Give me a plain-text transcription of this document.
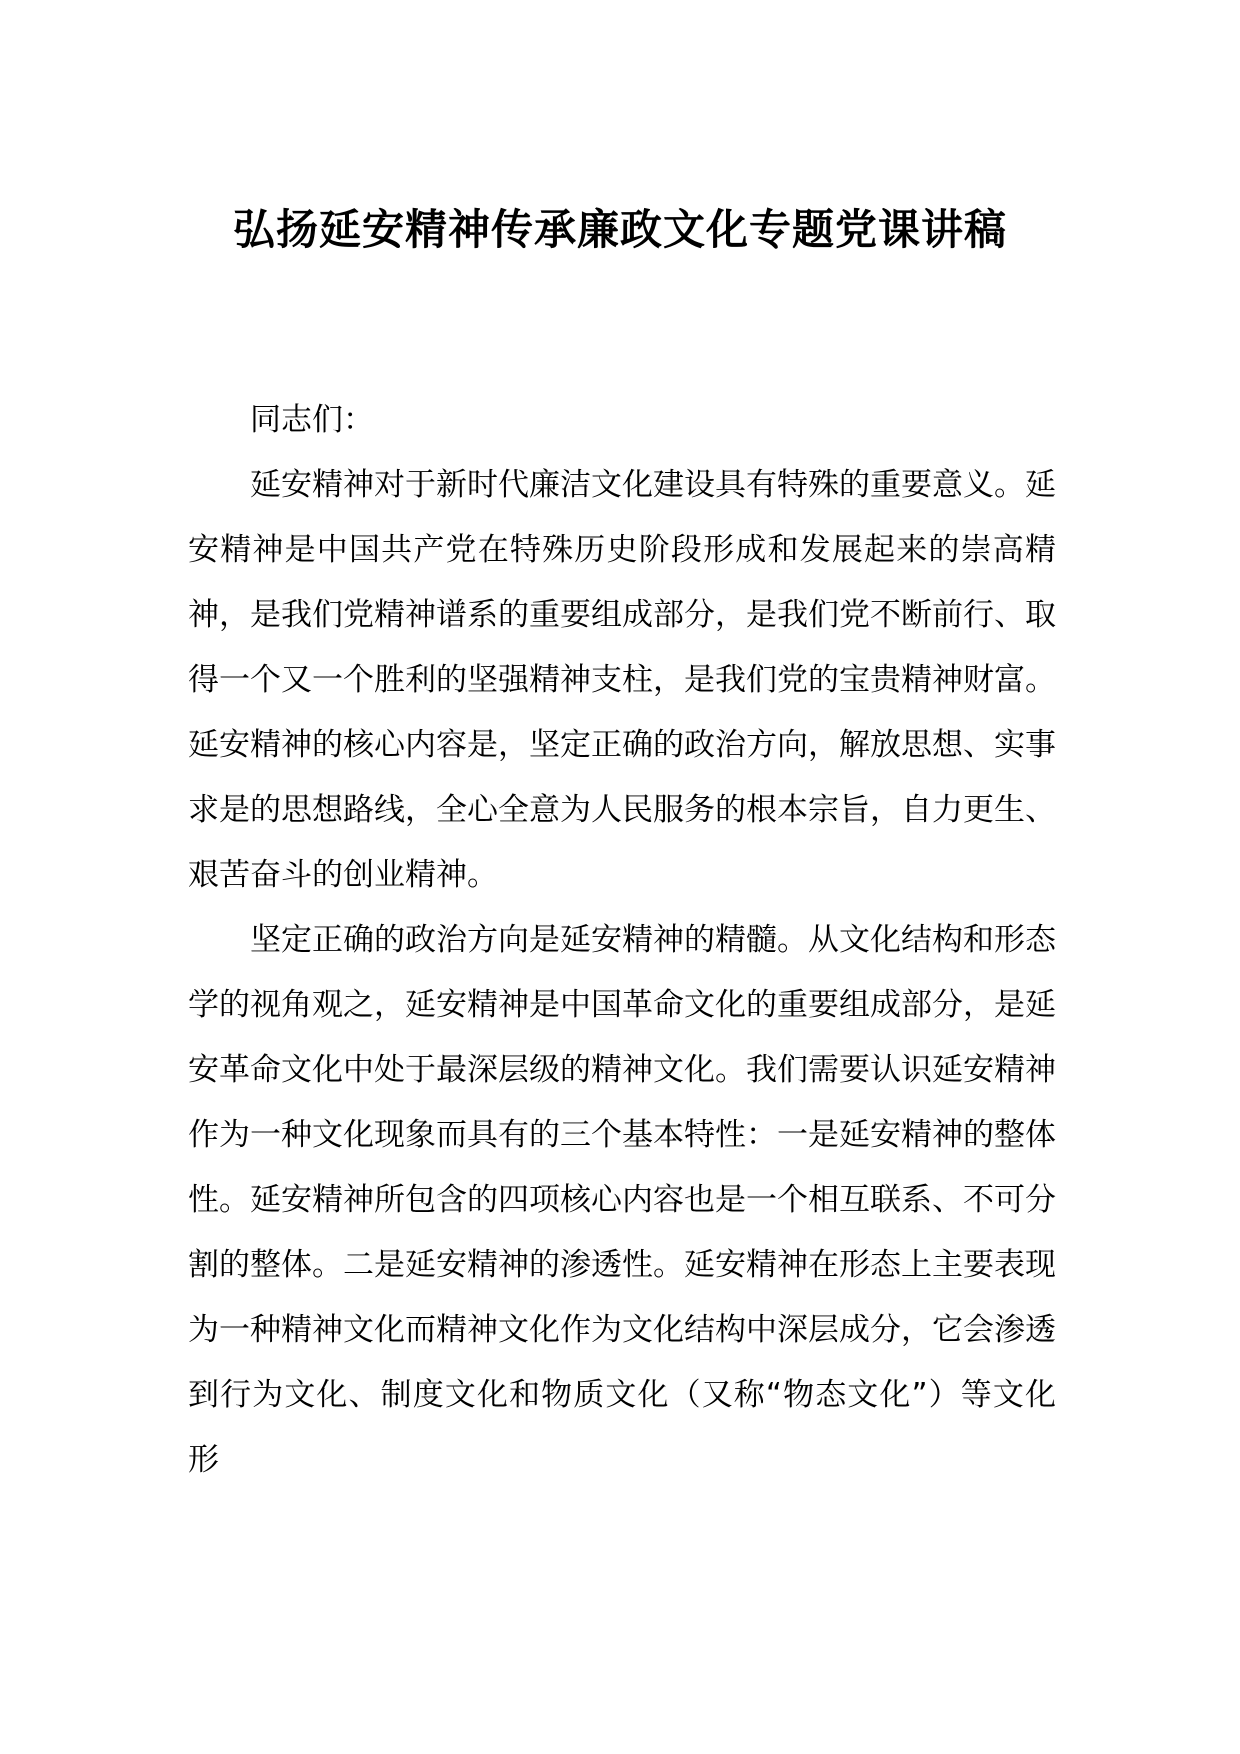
弘扬延安精神传承廉政文化专题党课讲稿

同志们：

延安精神对于新时代廉洁文化建设具有特殊的重要意义。延安精神是中国共产党在特殊历史阶段形成和发展起来的崇高精神，是我们党精神谱系的重要组成部分，是我们党不断前行、取得一个又一个胜利的坚强精神支柱，是我们党的宝贵精神财富。延安精神的核心内容是，坚定正确的政治方向，解放思想、实事求是的思想路线，全心全意为人民服务的根本宗旨，自力更生、艰苦奋斗的创业精神。

坚定正确的政治方向是延安精神的精髓。从文化结构和形态学的视角观之，延安精神是中国革命文化的重要组成部分，是延安革命文化中处于最深层级的精神文化。我们需要认识延安精神作为一种文化现象而具有的三个基本特性：一是延安精神的整体性。延安精神所包含的四项核心内容也是一个相互联系、不可分割的整体。二是延安精神的渗透性。延安精神在形态上主要表现为一种精神文化而精神文化作为文化结构中深层成分，它会渗透到行为文化、制度文化和物质文化（又称“物态文化”）等文化形
